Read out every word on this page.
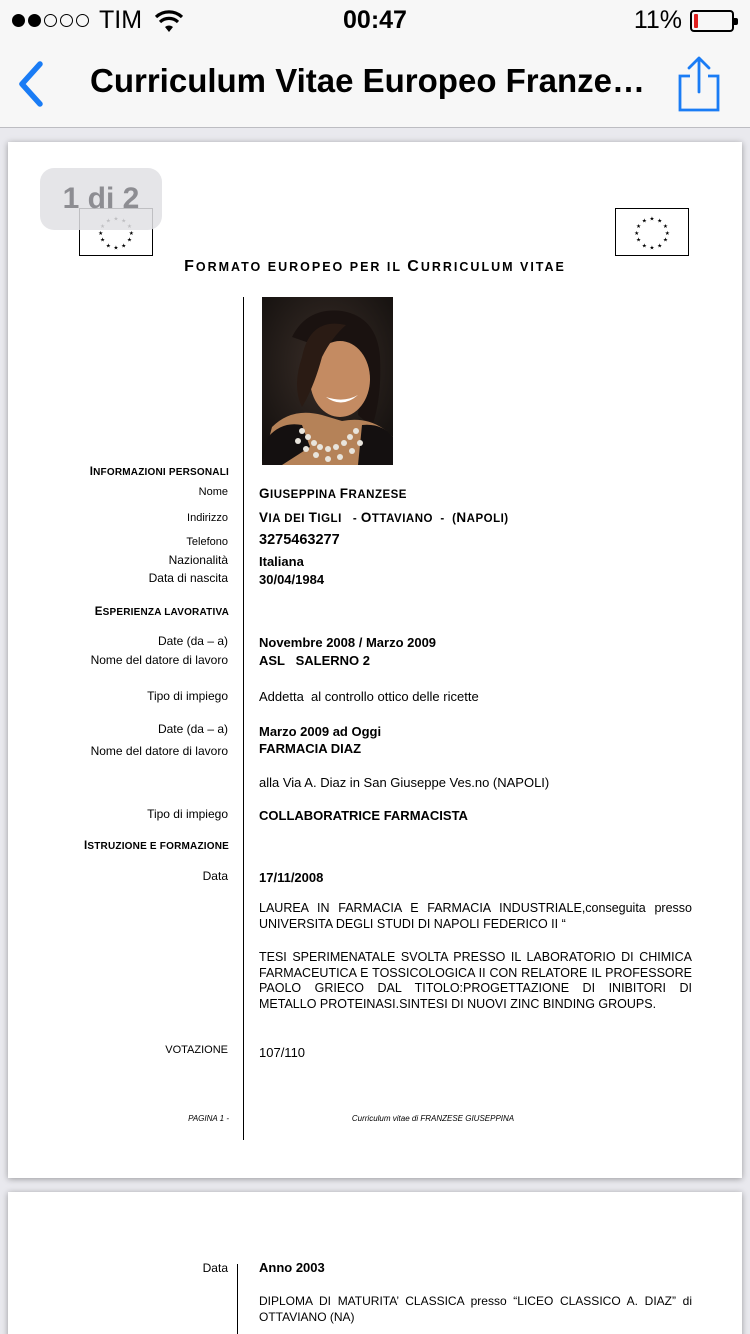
TIM	00:47	11%
Curriculum Vitae Europeo Franze…
★
★
★
★
★
★
★
★ ★
★
★
★
★
★
★
★
★
★
★
1 di 2
FORMATO EUROPEO PER IL CURRICULUM VITAE
INFORMAZIONI PERSONALI
Nome GIUSEPPINA FRANZESE
Indirizzo VIA DEI TIGLI   - OTTAVIANO  -  (NAPOLI)
Telefono 3275463277
Nazionalità Italiana
Data di nascita 30/04/1984
ESPERIENZA LAVORATIVA
Date (da – a) Novembre 2008 / Marzo 2009
Nome del datore di lavoro ASL   SALERNO 2
Tipo di impiego Addetta  al controllo ottico delle ricette
Date (da – a) Marzo 2009 ad Oggi
Nome del datore di lavoro FARMACIA DIAZ
alla Via A. Diaz in San Giuseppe Ves.no (NAPOLI)
Tipo di impiego COLLABORATRICE FARMACISTA
ISTRUZIONE E FORMAZIONE
Data 17/11/2008
LAUREA IN FARMACIA E FARMACIA INDUSTRIALE,conseguita presso UNIVERSITA DEGLI STUDI DI NAPOLI FEDERICO II “
TESI SPERIMENATALE SVOLTA PRESSO IL LABORATORIO DI CHIMICA FARMACEUTICA E TOSSICOLOGICA II CON RELATORE IL PROFESSORE PAOLO GRIECO DAL TITOLO:PROGETTAZIONE DI INIBITORI DI METALLO PROTEINASI.SINTESI DI NUOVI ZINC BINDING GROUPS.
VOTAZIONE 107/110
PAGINA 1 -	Curriculum vitae di FRANZESE GIUSEPPINA
Data Anno 2003
DIPLOMA DI MATURITA’ CLASSICA presso “LICEO CLASSICO A. DIAZ” di OTTAVIANO (NA)
